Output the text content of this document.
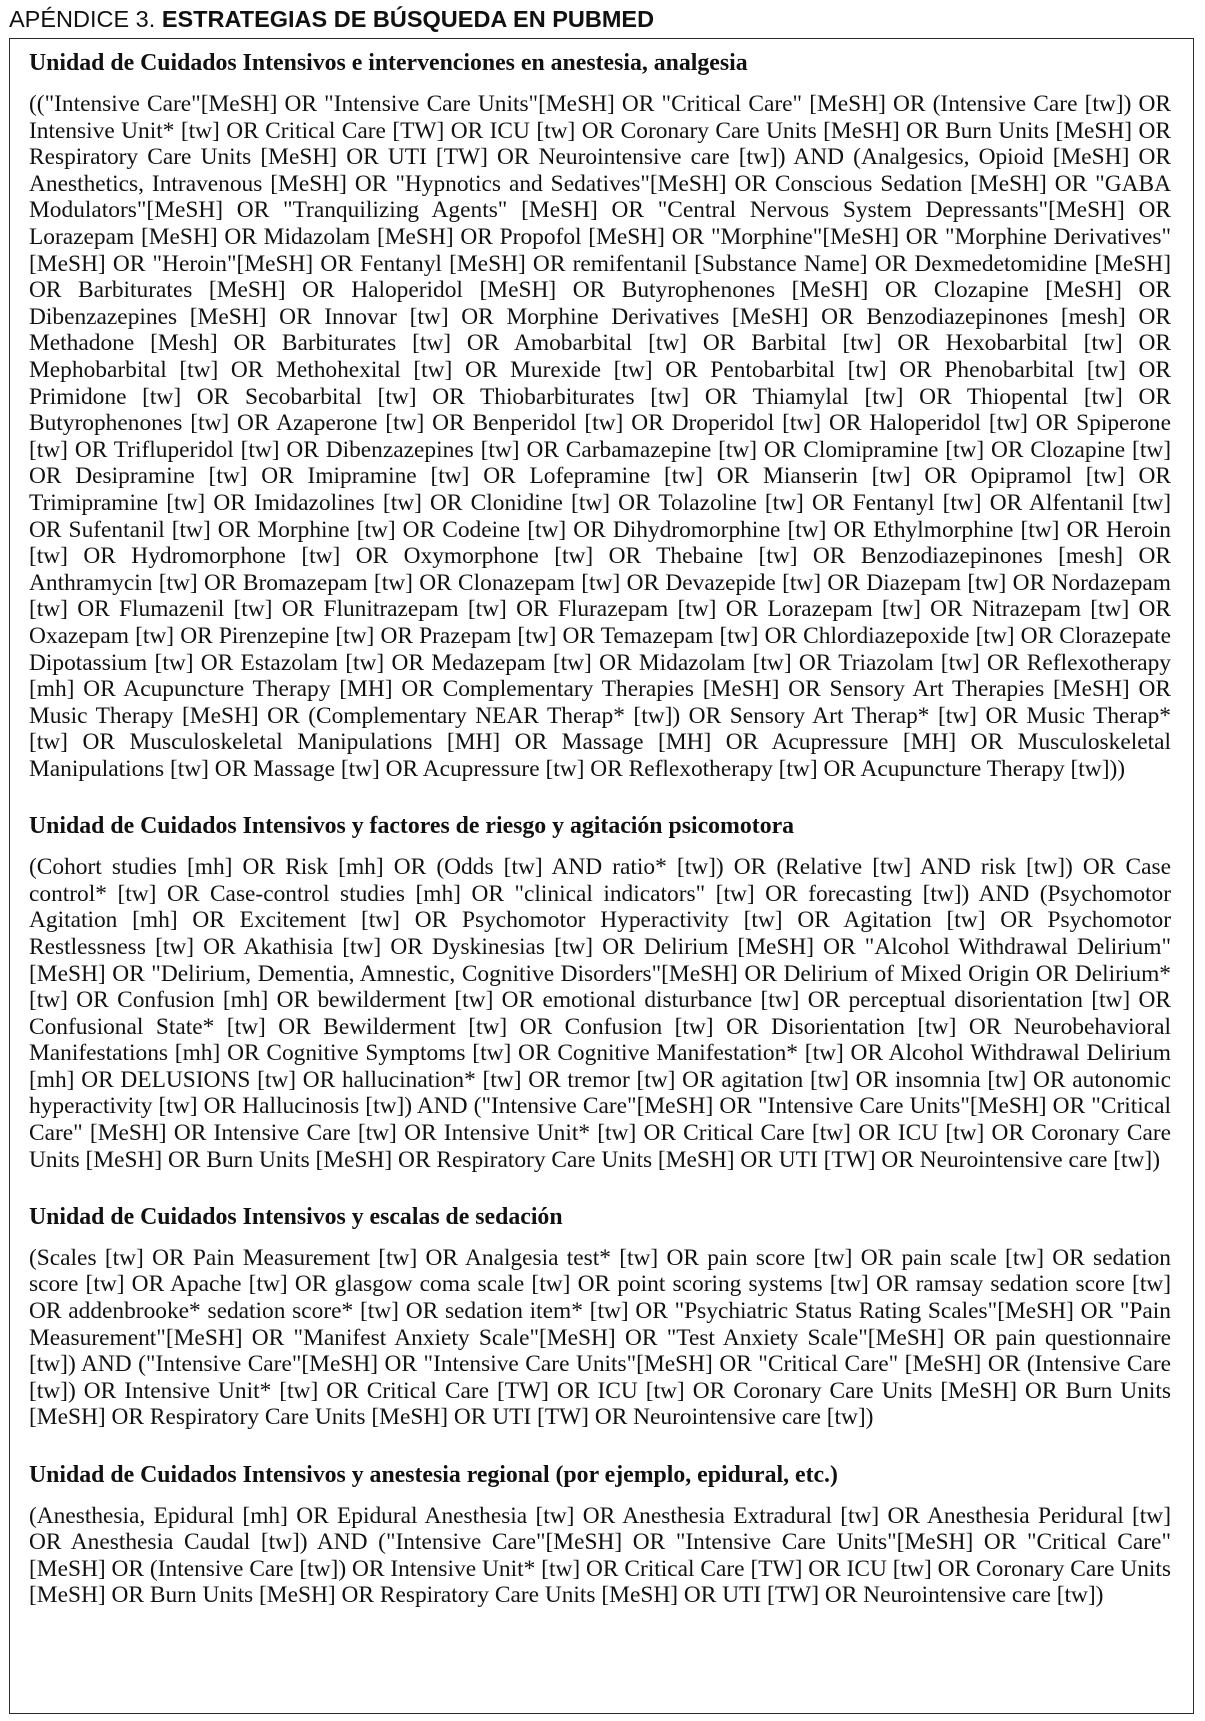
APÉNDICE 3. ESTRATEGIAS DE BÚSQUEDA EN PUBMED
Unidad de Cuidados Intensivos e intervenciones en anestesia, analgesia

(("Intensive Care"[MeSH] OR "Intensive Care Units"[MeSH] OR "Critical Care" [MeSH] OR (Intensive Care [tw]) OR Intensive Unit* [tw] OR Critical Care [TW] OR ICU [tw] OR Coronary Care Units [MeSH] OR Burn Units [MeSH] OR Respiratory Care Units [MeSH] OR UTI [TW] OR Neurointensive care [tw]) AND (Analgesics, Opioid [MeSH] OR Anesthetics, Intravenous [MeSH] OR "Hypnotics and Sedatives"[MeSH] OR Conscious Sedation [MeSH] OR "GABA Modulators"[MeSH] OR "Tranquilizing Agents" [MeSH] OR "Central Nervous System Depressants"[MeSH] OR Lorazepam [MeSH] OR Midazolam [MeSH] OR Propofol [MeSH] OR "Morphine"[MeSH] OR "Morphine Derivatives"[MeSH] OR "Heroin"[MeSH] OR Fentanyl [MeSH] OR remifentanil [Substance Name] OR Dexmedetomidine [MeSH] OR Barbiturates [MeSH] OR Haloperidol [MeSH] OR Butyrophenones [MeSH] OR Clozapine [MeSH] OR Dibenzazepines [MeSH] OR Innovar [tw] OR Morphine Derivatives [MeSH] OR Benzodiazepinones [mesh] OR Methadone [Mesh] OR Barbiturates [tw] OR Amobarbital [tw] OR Barbital [tw] OR Hexobarbital [tw] OR Mephobarbital [tw] OR Methohexital [tw] OR Murexide [tw] OR Pentobarbital [tw] OR Phenobarbital [tw] OR Primidone [tw] OR Secobarbital [tw] OR Thiobarbiturates [tw] OR Thiamylal [tw] OR Thiopental [tw] OR Butyrophenones [tw] OR Azaperone [tw] OR Benperidol [tw] OR Droperidol [tw] OR Haloperidol [tw] OR Spiperone [tw] OR Trifluperidol [tw] OR Dibenzazepines [tw] OR Carbamazepine [tw] OR Clomipramine [tw] OR Clozapine [tw] OR Desipramine [tw] OR Imipramine [tw] OR Lofepramine [tw] OR Mianserin [tw] OR Opipramol [tw] OR Trimipramine [tw] OR Imidazolines [tw] OR Clonidine [tw] OR Tolazoline [tw] OR Fentanyl [tw] OR Alfentanil [tw] OR Sufentanil [tw] OR Morphine [tw] OR Codeine [tw] OR Dihydromorphine [tw] OR Ethylmorphine [tw] OR Heroin [tw] OR Hydromorphone [tw] OR Oxymorphone [tw] OR Thebaine [tw] OR Benzodiazepinones [mesh] OR Anthramycin [tw] OR Bromazepam [tw] OR Clonazepam [tw] OR Devazepide [tw] OR Diazepam [tw] OR Nordazepam [tw] OR Flumazenil [tw] OR Flunitrazepam [tw] OR Flurazepam [tw] OR Lorazepam [tw] OR Nitrazepam [tw] OR Oxazepam [tw] OR Pirenzepine [tw] OR Prazepam [tw] OR Temazepam [tw] OR Chlordiazepoxide [tw] OR Clorazepate Dipotassium [tw] OR Estazolam [tw] OR Medazepam [tw] OR Midazolam [tw] OR Triazolam [tw] OR Reflexotherapy [mh] OR Acupuncture Therapy [MH] OR Complementary Therapies [MeSH] OR Sensory Art Therapies [MeSH] OR Music Therapy [MeSH] OR (Complementary NEAR Therap* [tw]) OR Sensory Art Therap* [tw] OR Music Therap* [tw] OR Musculoskeletal Manipulations [MH] OR Massage [MH] OR Acupressure [MH] OR Musculoskeletal Manipulations [tw] OR Massage [tw] OR Acupressure [tw] OR Reflexotherapy [tw] OR Acupuncture Therapy [tw]))

Unidad de Cuidados Intensivos y factores de riesgo y agitación psicomotora

(Cohort studies [mh] OR Risk [mh] OR (Odds [tw] AND ratio* [tw]) OR (Relative [tw] AND risk [tw]) OR Case control* [tw] OR Case-control studies [mh] OR "clinical indicators" [tw] OR forecasting [tw]) AND (Psychomotor Agitation [mh] OR Excitement [tw] OR Psychomotor Hyperactivity [tw] OR Agitation [tw] OR Psychomotor Restlessness [tw] OR Akathisia [tw] OR Dyskinesias [tw] OR Delirium [MeSH] OR "Alcohol Withdrawal Delirium"[MeSH] OR "Delirium, Dementia, Amnestic, Cognitive Disorders"[MeSH] OR Delirium of Mixed Origin OR Delirium* [tw] OR Confusion [mh] OR bewilderment [tw] OR emotional disturbance [tw] OR perceptual disorientation [tw] OR Confusional State* [tw] OR Bewilderment [tw] OR Confusion [tw] OR Disorientation [tw] OR Neurobehavioral Manifestations [mh] OR Cognitive Symptoms [tw] OR Cognitive Manifestation* [tw] OR Alcohol Withdrawal Delirium [mh] OR DELUSIONS [tw] OR hallucination* [tw] OR tremor [tw] OR agitation [tw] OR insomnia [tw] OR autonomic hyperactivity [tw] OR Hallucinosis [tw]) AND ("Intensive Care"[MeSH] OR "Intensive Care Units"[MeSH] OR "Critical Care" [MeSH] OR Intensive Care [tw] OR Intensive Unit* [tw] OR Critical Care [tw] OR ICU [tw] OR Coronary Care Units [MeSH] OR Burn Units [MeSH] OR Respiratory Care Units [MeSH] OR UTI [TW] OR Neurointensive care [tw])

Unidad de Cuidados Intensivos y escalas de sedación

(Scales [tw] OR Pain Measurement [tw] OR Analgesia test* [tw] OR pain score [tw] OR pain scale [tw] OR sedation score [tw] OR Apache [tw] OR glasgow coma scale [tw] OR point scoring systems [tw] OR ramsay sedation score [tw] OR addenbrooke* sedation score* [tw] OR sedation item* [tw] OR "Psychiatric Status Rating Scales"[MeSH] OR "Pain Measurement"[MeSH] OR "Manifest Anxiety Scale"[MeSH] OR "Test Anxiety Scale"[MeSH] OR pain questionnaire [tw]) AND ("Intensive Care"[MeSH] OR "Intensive Care Units"[MeSH] OR "Critical Care" [MeSH] OR (Intensive Care [tw]) OR Intensive Unit* [tw] OR Critical Care [TW] OR ICU [tw] OR Coronary Care Units [MeSH] OR Burn Units [MeSH] OR Respiratory Care Units [MeSH] OR UTI [TW] OR Neurointensive care [tw])

Unidad de Cuidados Intensivos y anestesia regional (por ejemplo, epidural, etc.)

(Anesthesia, Epidural [mh] OR Epidural Anesthesia [tw] OR Anesthesia Extradural [tw] OR Anesthesia Peridural [tw] OR Anesthesia Caudal [tw]) AND ("Intensive Care"[MeSH] OR "Intensive Care Units"[MeSH] OR "Critical Care" [MeSH] OR (Intensive Care [tw]) OR Intensive Unit* [tw] OR Critical Care [TW] OR ICU [tw] OR Coronary Care Units [MeSH] OR Burn Units [MeSH] OR Respiratory Care Units [MeSH] OR UTI [TW] OR Neurointensive care [tw])
